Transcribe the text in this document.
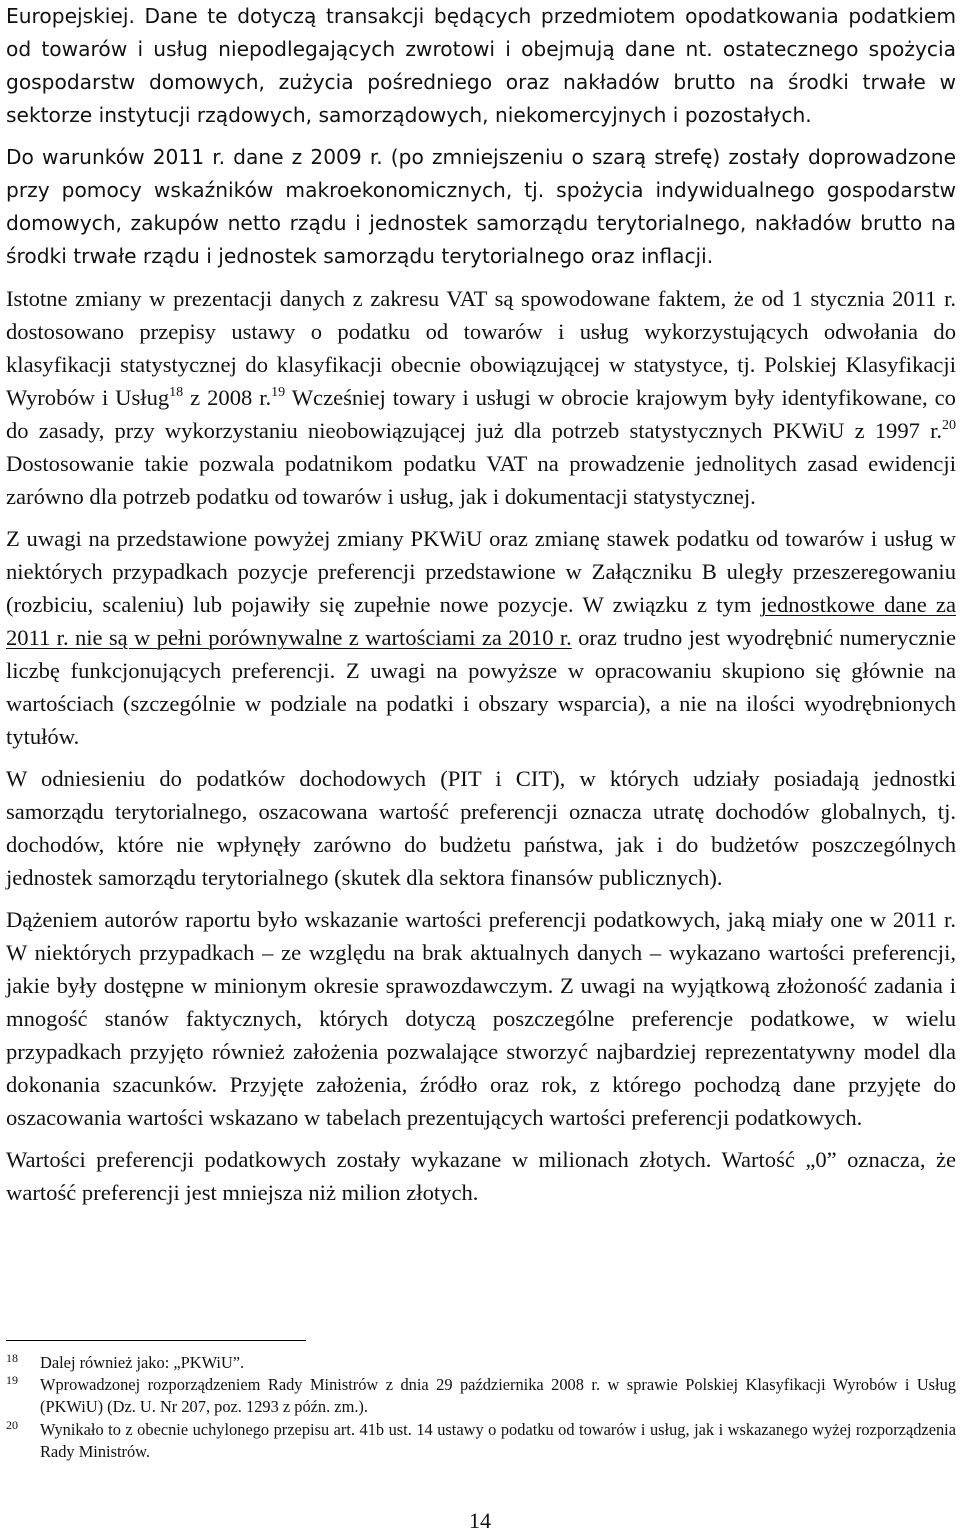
Europejskiej. Dane te dotyczą transakcji będących przedmiotem opodatkowania podatkiem od towarów i usług niepodlegających zwrotowi i obejmują dane nt. ostatecznego spożycia gospodarstw domowych, zużycia pośredniego oraz nakładów brutto na środki trwałe w sektorze instytucji rządowych, samorządowych, niekomercyjnych i pozostałych.

Do warunków 2011 r. dane z 2009 r. (po zmniejszeniu o szarą strefę) zostały doprowadzone przy pomocy wskaźników makroekonomicznych, tj. spożycia indywidualnego gospodarstw domowych, zakupów netto rządu i jednostek samorządu terytorialnego, nakładów brutto na środki trwałe rządu i jednostek samorządu terytorialnego oraz inflacji.

Istotne zmiany w prezentacji danych z zakresu VAT są spowodowane faktem, że od 1 stycznia 2011 r. dostosowano przepisy ustawy o podatku od towarów i usług wykorzystujących odwołania do klasyfikacji statystycznej do klasyfikacji obecnie obowiązującej w statystyce, tj. Polskiej Klasyfikacji Wyrobów i Usług$^{18}$ z 2008 r.$^{19}$ Wcześniej towary i usługi w obrocie krajowym były identyfikowane, co do zasady, przy wykorzystaniu nieobowiązującej już dla potrzeb statystycznych PKWiU z 1997 r.$^{20}$ Dostosowanie takie pozwala podatnikom podatku VAT na prowadzenie jednolitych zasad ewidencji zarówno dla potrzeb podatku od towarów i usług, jak i dokumentacji statystycznej.

Z uwagi na przedstawione powyżej zmiany PKWiU oraz zmianę stawek podatku od towarów i usług w niektórych przypadkach pozycje preferencji przedstawione w Załączniku B uległy przeszeregowaniu (rozbiciu, scaleniu) lub pojawiły się zupełnie nowe pozycje. W związku z tym jednostkowe dane za 2011 r. nie są w pełni porównywalne z wartościami za 2010 r. oraz trudno jest wyodrębnić numerycznie liczbę funkcjonujących preferencji. Z uwagi na powyższe w opracowaniu skupiono się głównie na wartościach (szczególnie w podziale na podatki i obszary wsparcia), a nie na ilości wyodrębnionych tytułów.

W odniesieniu do podatków dochodowych (PIT i CIT), w których udziały posiadają jednostki samorządu terytorialnego, oszacowana wartość preferencji oznacza utratę dochodów globalnych, tj. dochodów, które nie wpłynęły zarówno do budżetu państwa, jak i do budżetów poszczególnych jednostek samorządu terytorialnego (skutek dla sektora finansów publicznych).

Dążeniem autorów raportu było wskazanie wartości preferencji podatkowych, jaką miały one w 2011 r. W niektórych przypadkach – ze względu na brak aktualnych danych – wykazano wartości preferencji, jakie były dostępne w minionym okresie sprawozdawczym. Z uwagi na wyjątkową złożoność zadania i mnogość stanów faktycznych, których dotyczą poszczególne preferencje podatkowe, w wielu przypadkach przyjęto również założenia pozwalające stworzyć najbardziej reprezentatywny model dla dokonania szacunków. Przyjęte założenia, źródło oraz rok, z którego pochodzą dane przyjęte do oszacowania wartości wskazano w tabelach prezentujących wartości preferencji podatkowych.

Wartości preferencji podatkowych zostały wykazane w milionach złotych. Wartość „0” oznacza, że wartość preferencji jest mniejsza niż milion złotych.

18 Dalej również jako: „PKWiU”.
19 Wprowadzonej rozporządzeniem Rady Ministrów z dnia 29 października 2008 r. w sprawie Polskiej Klasyfikacji Wyrobów i Usług (PKWiU) (Dz. U. Nr 207, poz. 1293 z późn. zm.).
20 Wynikało to z obecnie uchylonego przepisu art. 41b ust. 14 ustawy o podatku od towarów i usług, jak i wskazanego wyżej rozporządzenia Rady Ministrów.
14
